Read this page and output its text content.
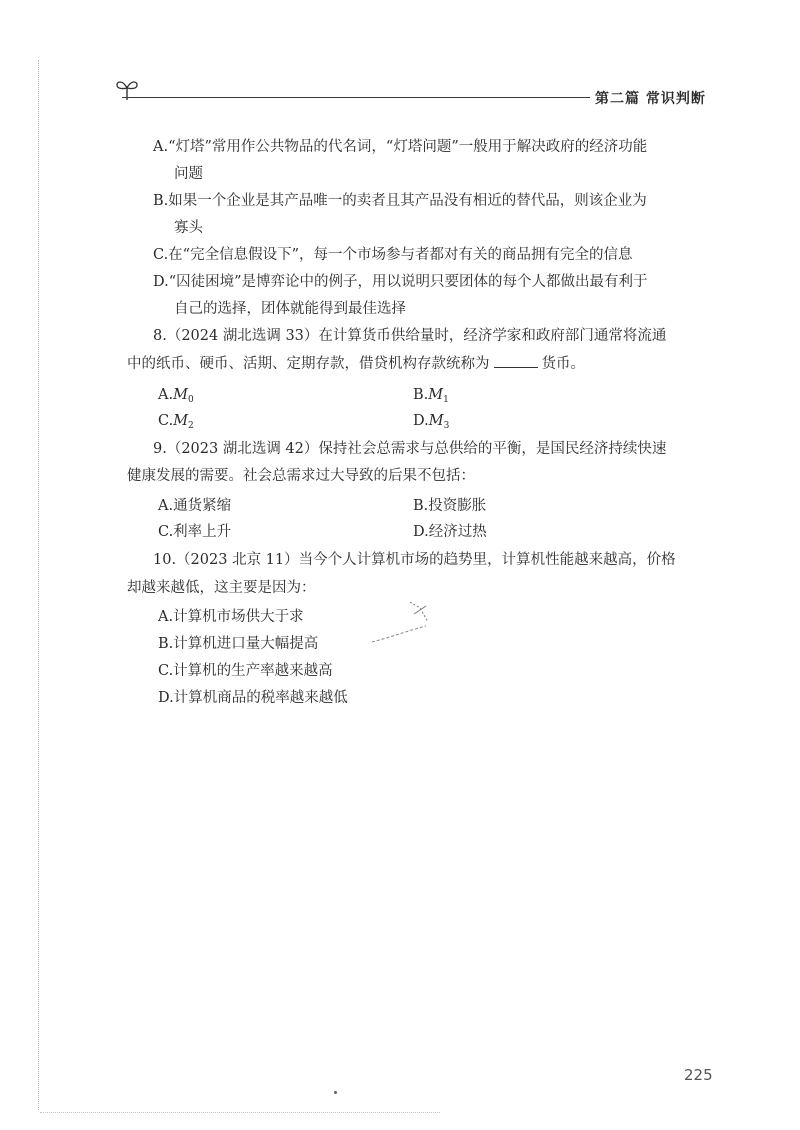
第二篇 常识判断
A.“灯塔”常用作公共物品的代名词，“灯塔问题”一般用于解决政府的经济功能
问题
B.如果一个企业是其产品唯一的卖者且其产品没有相近的替代品，则该企业为
寡头
C.在“完全信息假设下”，每一个市场参与者都对有关的商品拥有完全的信息
D.“囚徒困境”是博弈论中的例子，用以说明只要团体的每个人都做出最有利于
自己的选择，团体就能得到最佳选择
8.（2024 湖北选调 33）在计算货币供给量时，经济学家和政府部门通常将流通
中的纸币、硬币、活期、定期存款，借贷机构存款统称为	货币。
$A.M_0$	$B.M_1$
$C.M_2$	$D.M_3$
9.（2023 湖北选调 42）保持社会总需求与总供给的平衡，是国民经济持续快速
健康发展的需要。社会总需求过大导致的后果不包括：
A.通货紧缩	B.投资膨胀
C.利率上升	D.经济过热
10.（2023 北京 11）当今个人计算机市场的趋势里，计算机性能越来越高，价格
却越来越低，这主要是因为：
A.计算机市场供大于求
B.计算机进口量大幅提高
C.计算机的生产率越来越高
D.计算机商品的税率越来越低
225
